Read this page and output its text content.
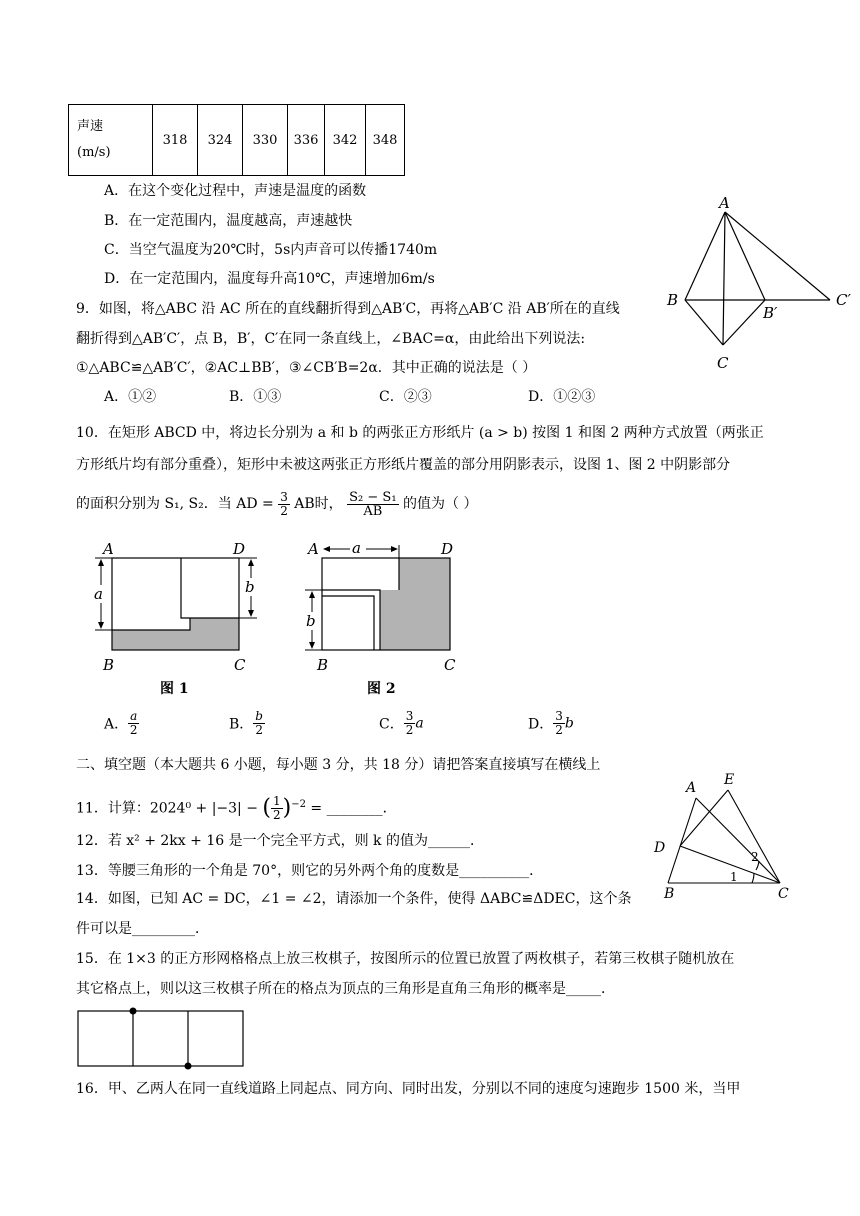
声速
(m/s)
	318	324	330	336	342	348
A．在这个变化过程中，声速是温度的函数
B．在一定范围内，温度越高，声速越快
C．当空气温度为20℃时，5s内声音可以传播1740m
D．在一定范围内，温度每升高10℃，声速增加6m/s
A
B
B′
C′
C
9．如图，将△ABC 沿 AC 所在的直线翻折得到△AB′C，再将△AB′C 沿 AB′所在的直线
翻折得到△AB′C′，点 B，B′，C′在同一条直线上，∠BAC=α，由此给出下列说法:
①△ABC≌△AB′C′，②AC⊥BB′，③∠CB′B=2α．其中正确的说法是（ ）
A．①②	B．①③	C．②③	D．①②③
10．在矩形 ABCD 中，将边长分别为 a 和 b 的两张正方形纸片 (a > b) 按图 1 和图 2 两种方式放置（两张正
方形纸片均有部分重叠），矩形中未被这两张正方形纸片覆盖的部分用阴影表示，设图 1、图 2 中阴影部分
的面积分别为 S₁, S₂．当 AD = $\frac{3}{2}$ AB时， $\frac{\text{S₂ − S₁}}{AB}$ 的值为（ ）
A	D
B	C
a	b
图 1
a
b
A	D
B	C
图 2
A． $\frac{a}{2}$	B． $\frac{b}{2}$	C． $\frac{3}{2}$ a	D． $\frac{3}{2}$ b
二、填空题（本大题共 6 小题，每小题 3 分，共 18 分）请把答案直接填写在横线上
11．计算：2024⁰ + |−3| − ( $\frac{1}{2} )^{-2}$ = ________．
A E
D
B	C
1
2
12．若 x² + 2kx + 16 是一个完全平方式，则 k 的值为______．
13．等腰三角形的一个角是 70°，则它的另外两个角的度数是__________．
14．如图，已知 AC = DC，∠1 = ∠2，请添加一个条件，使得 ΔABC≌ΔDEC，这个条
件可以是_________．
15．在 1×3 的正方形网格格点上放三枚棋子，按图所示的位置已放置了两枚棋子，若第三枚棋子随机放在
其它格点上，则以这三枚棋子所在的格点为顶点的三角形是直角三角形的概率是_____．
16．甲、乙两人在同一直线道路上同起点、同方向、同时出发，分别以不同的速度匀速跑步 1500 米，当甲
